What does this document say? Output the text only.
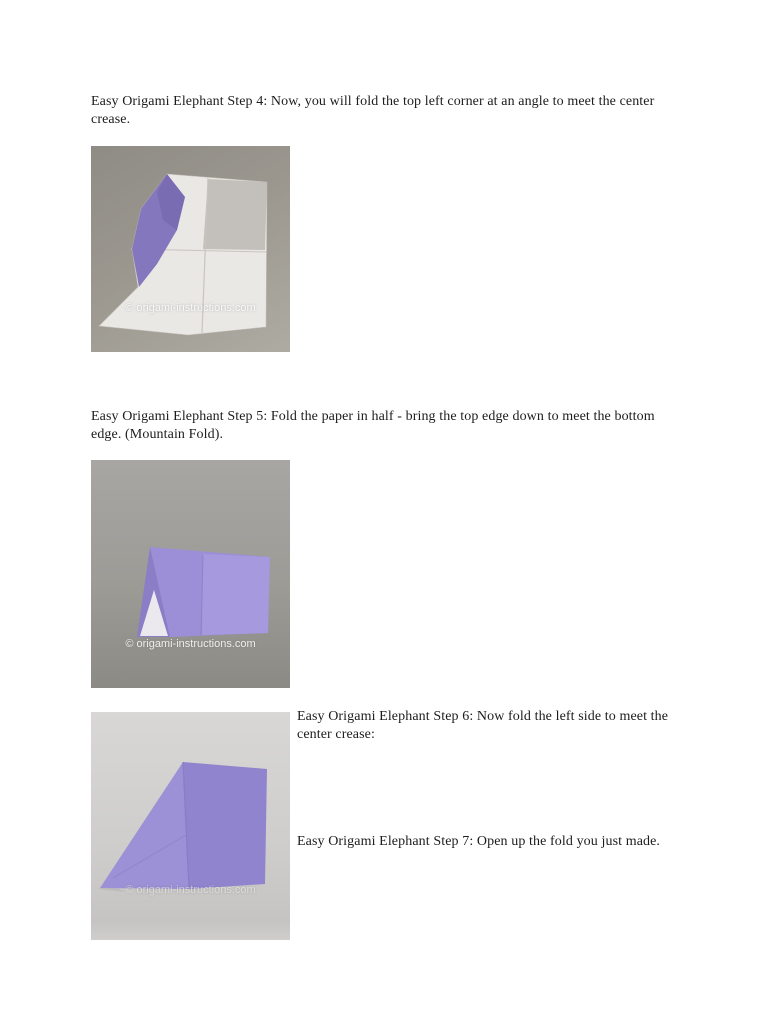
Easy Origami Elephant Step 4: Now, you will fold the top left corner at an angle to meet the center crease.

© origami-instructions.com

Easy Origami Elephant Step 5: Fold the paper in half - bring the top edge down to meet the bottom edge. (Mountain Fold).

© origami-instructions.com
© origami-instructions.com

Easy Origami Elephant Step 6: Now fold the left side to meet the center crease:

Easy Origami Elephant Step 7: Open up the fold you just made.
